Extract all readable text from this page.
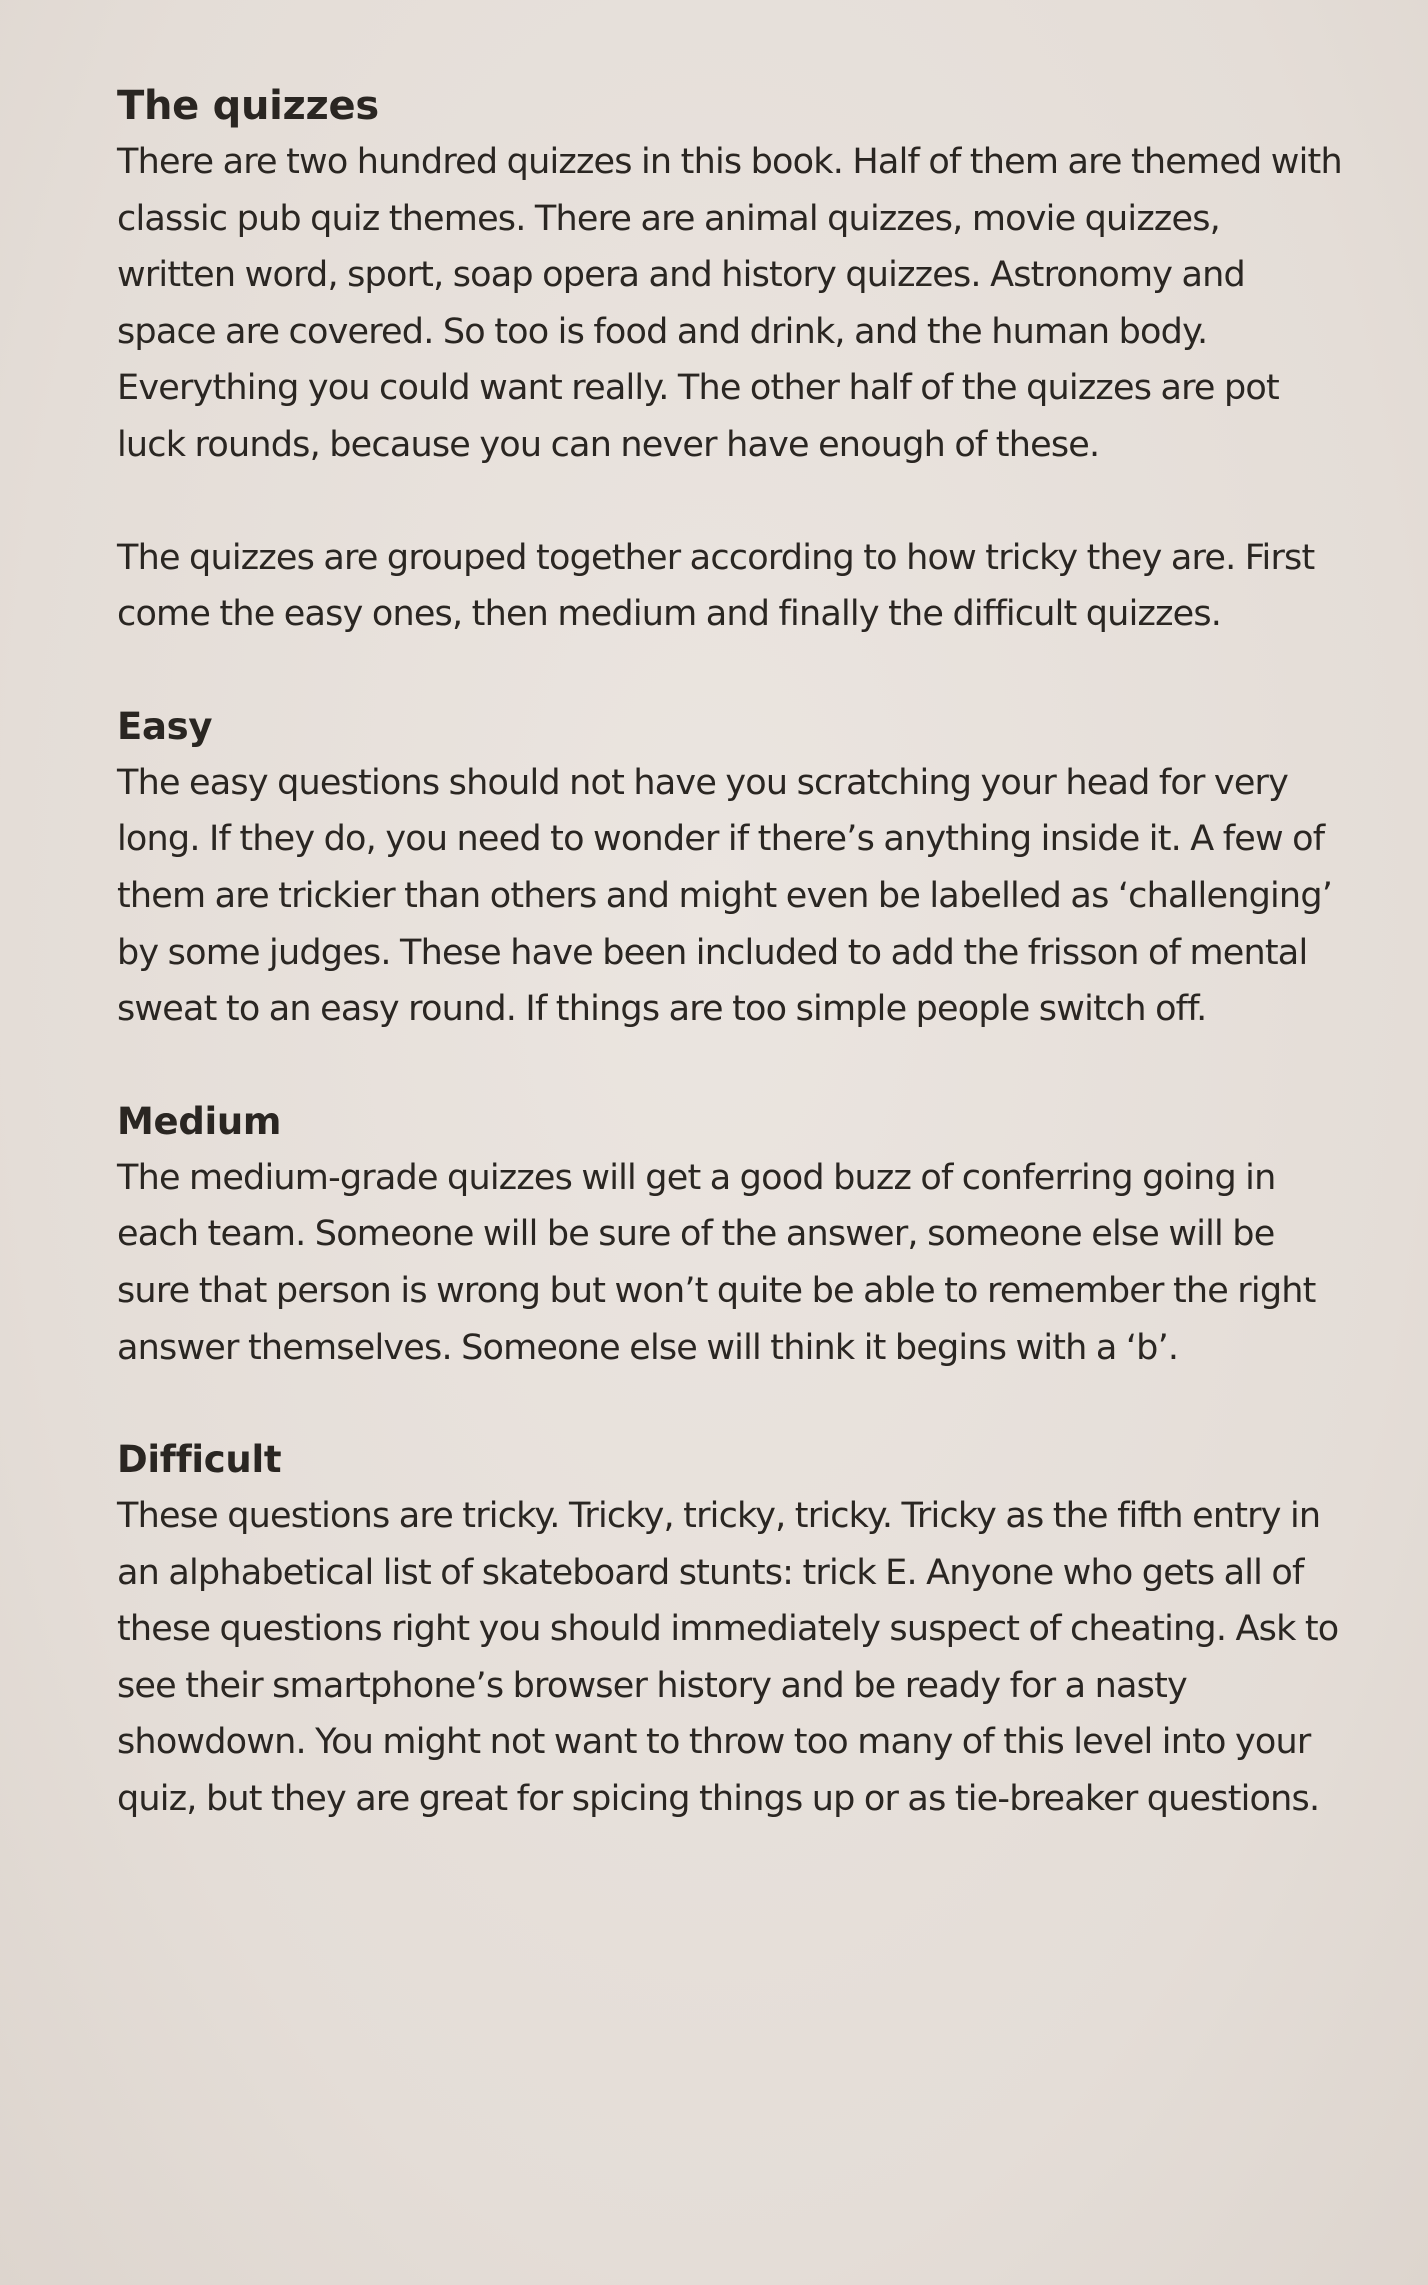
The quizzes

There are two hundred quizzes in this book. Half of them are themed with classic pub quiz themes. There are animal quizzes, movie quizzes, written word, sport, soap opera and history quizzes. Astronomy and space are covered. So too is food and drink, and the human body. Everything you could want really. The other half of the quizzes are pot luck rounds, because you can never have enough of these.

The quizzes are grouped together according to how tricky they are. First come the easy ones, then medium and finally the difficult quizzes.

Easy

The easy questions should not have you scratching your head for very long. If they do, you need to wonder if there’s anything inside it. A few of them are trickier than others and might even be labelled as ‘challenging’ by some judges. These have been included to add the frisson of mental sweat to an easy round. If things are too simple people switch off.

Medium

The medium-grade quizzes will get a good buzz of conferring going in each team. Someone will be sure of the answer, someone else will be sure that person is wrong but won’t quite be able to remember the right answer themselves. Someone else will think it begins with a ‘b’.

Difficult

These questions are tricky. Tricky, tricky, tricky. Tricky as the fifth entry in an alphabetical list of skateboard stunts: trick E. Anyone who gets all of these questions right you should immediately suspect of cheating. Ask to see their smartphone’s browser history and be ready for a nasty showdown. You might not want to throw too many of this level into your quiz, but they are great for spicing things up or as tie-breaker questions.
